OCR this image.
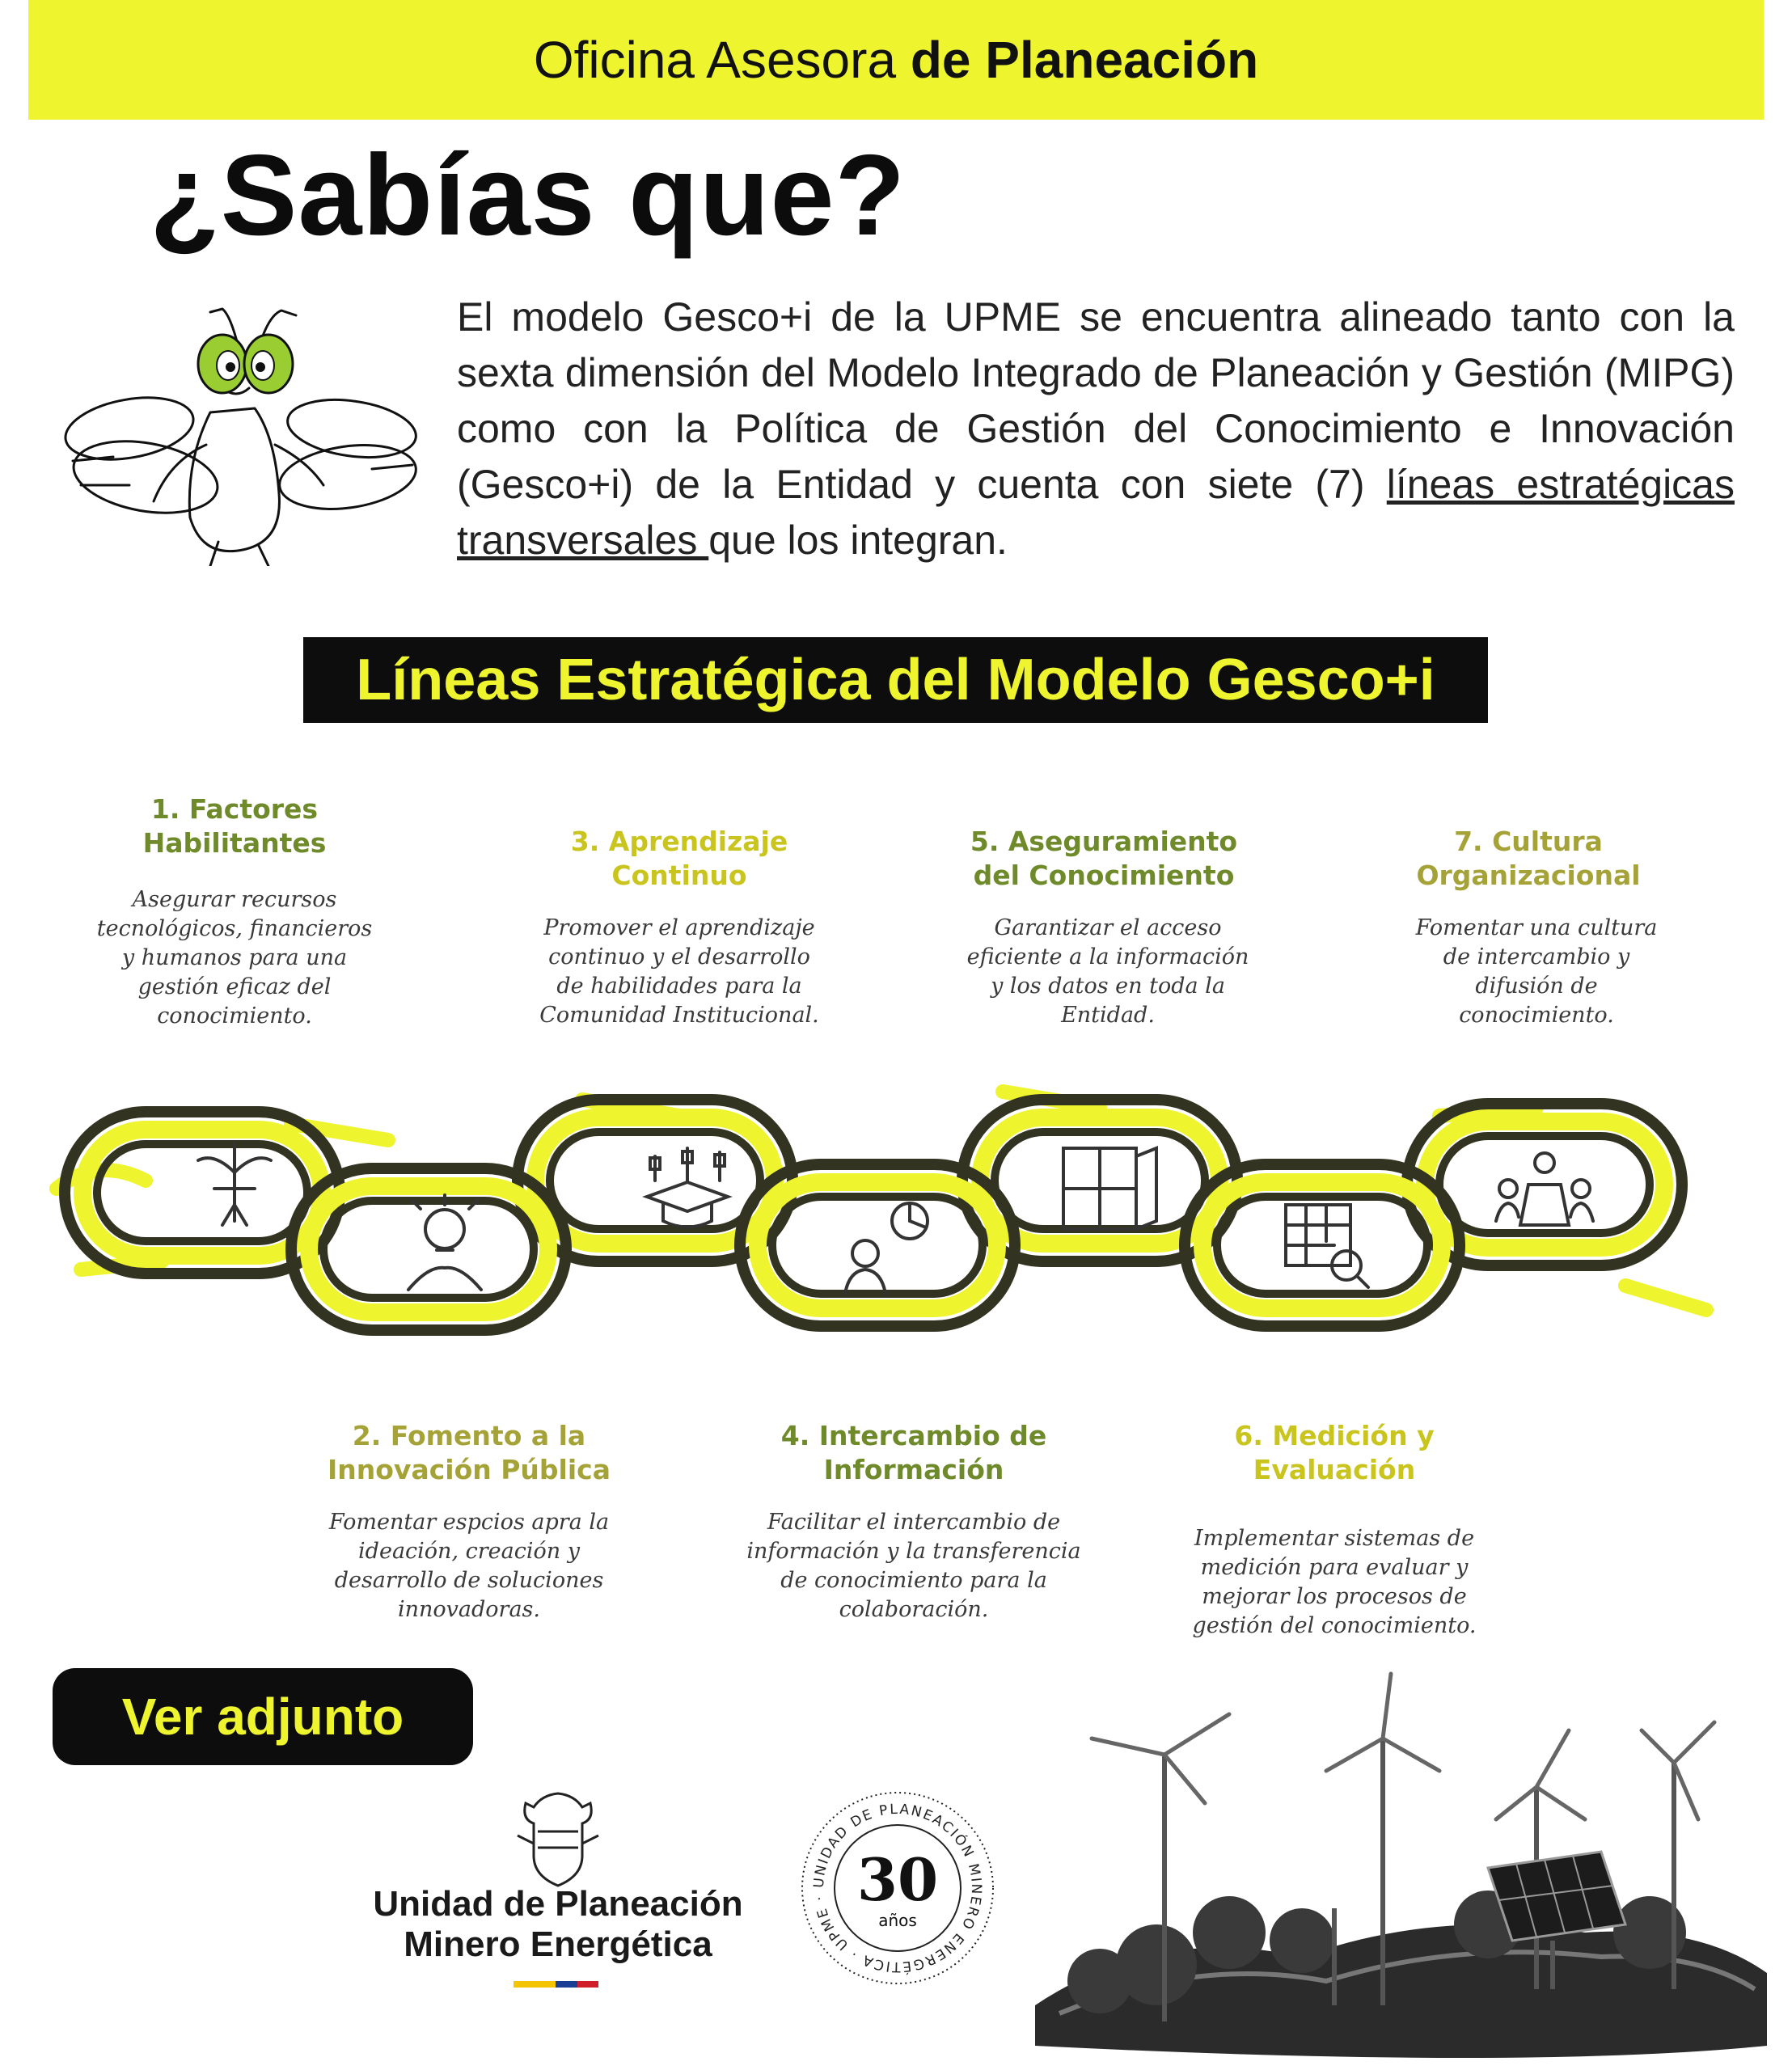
Oficina Asesora de Planeación
¿Sabías que?
El modelo Gesco+i de la UPME se encuentra alineado tanto con la sexta dimensión del Modelo Integrado de Planeación y Gestión (MIPG) como con la Política de Gestión del Conocimiento e Innovación (Gesco+i) de la Entidad y cuenta con siete (7) líneas estratégicas transversales que los integran.
Líneas Estratégica del Modelo Gesco+i
1. Factores
Habilitantes
Asegurar recursos
tecnológicos, financieros
y humanos para una
gestión eficaz del
conocimiento.
3. Aprendizaje
Continuo
Promover el aprendizaje
continuo y el desarrollo
de habilidades para la
Comunidad Institucional.
5. Aseguramiento
del Conocimiento
Garantizar el acceso
eficiente a la información
y los datos en toda la
Entidad.
7. Cultura
Organizacional
Fomentar una cultura
de intercambio y
difusión de
conocimiento.
2. Fomento a la
Innovación Pública
Fomentar espcios apra la
ideación, creación y
desarrollo de soluciones
innovadoras.
4. Intercambio de
Información
Facilitar el intercambio de
información y la transferencia
de conocimiento para la
colaboración.
6. Medición y
Evaluación
Implementar sistemas de
medición para evaluar y
mejorar los procesos de
gestión del conocimiento.
Ver adjunto
Unidad de Planeación
Minero Energética
UNIDAD DE PLANEACIÓN MINERO ENERGÉTICA · UPME · 30
años
